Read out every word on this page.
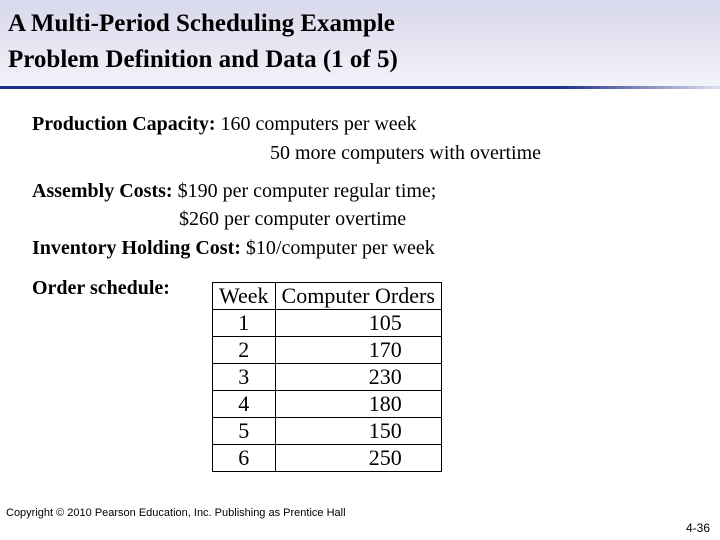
A Multi-Period Scheduling Example
Problem Definition and Data (1 of 5)
Production Capacity: 160 computers per week
50 more computers with overtime
Assembly Costs: $190 per computer regular time;
$260 per computer overtime
Inventory Holding Cost: $10/computer per week
Order schedule: Week	Computer Orders
1	105
2	170
3	230
4	180
5	150
6	250
Copyright © 2010 Pearson Education, Inc. Publishing as Prentice Hall
4-36
